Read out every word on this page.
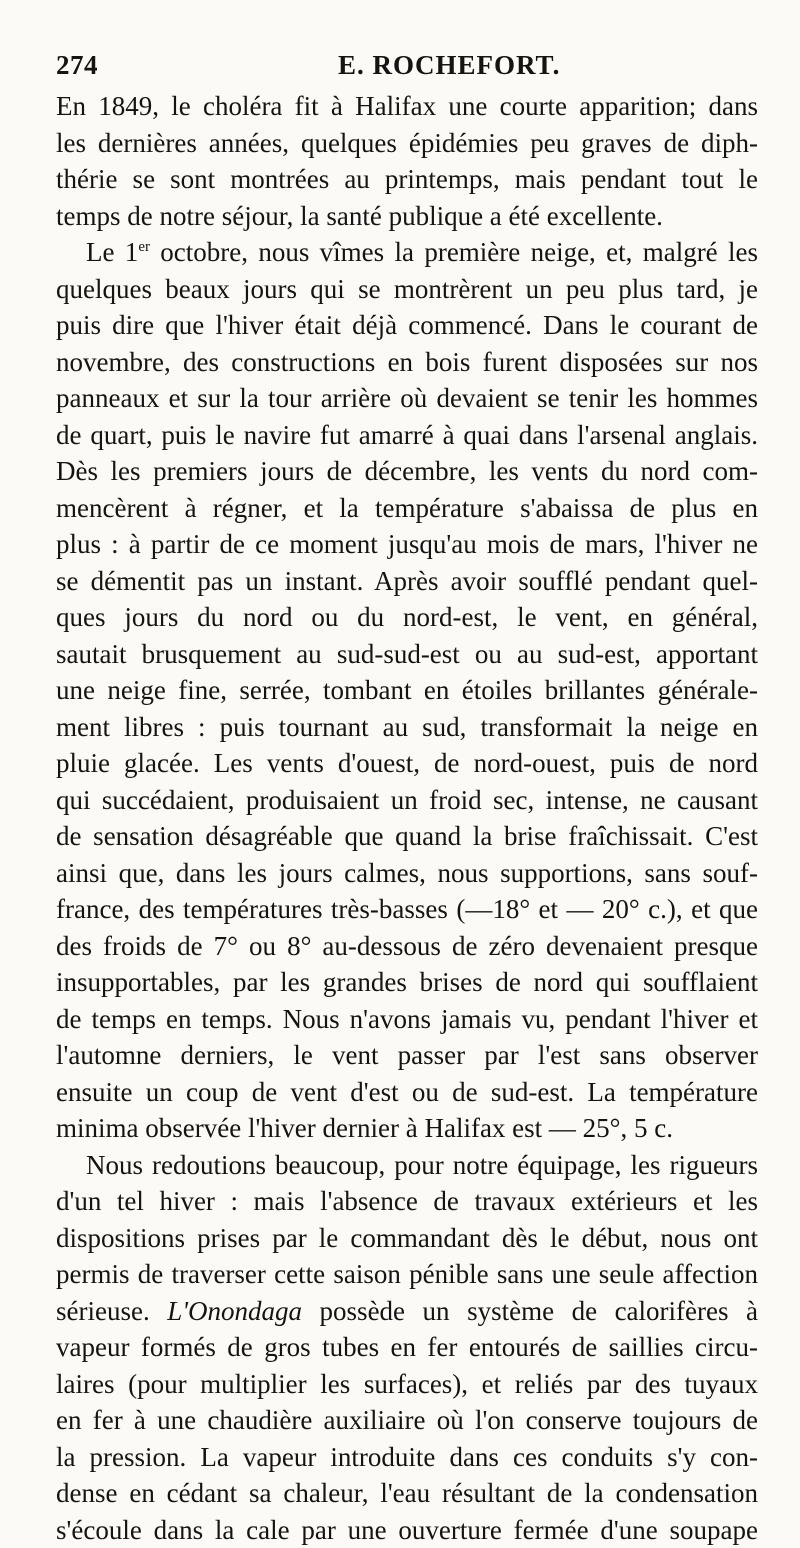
274	E. ROCHEFORT.
En 1849, le choléra fit à Halifax une courte apparition; dans
les dernières années, quelques épidémies peu graves de diph-
thérie se sont montrées au printemps, mais pendant tout le
temps de notre séjour, la santé publique a été excellente.
Le 1er octobre, nous vîmes la première neige, et, malgré les
quelques beaux jours qui se montrèrent un peu plus tard, je
puis dire que l'hiver était déjà commencé. Dans le courant de
novembre, des constructions en bois furent disposées sur nos
panneaux et sur la tour arrière où devaient se tenir les hommes
de quart, puis le navire fut amarré à quai dans l'arsenal anglais.
Dès les premiers jours de décembre, les vents du nord com-
mencèrent à régner, et la température s'abaissa de plus en
plus : à partir de ce moment jusqu'au mois de mars, l'hiver ne
se démentit pas un instant. Après avoir soufflé pendant quel-
ques jours du nord ou du nord-est, le vent, en général,
sautait brusquement au sud-sud-est ou au sud-est, apportant
une neige fine, serrée, tombant en étoiles brillantes générale-
ment libres : puis tournant au sud, transformait la neige en
pluie glacée. Les vents d'ouest, de nord-ouest, puis de nord
qui succédaient, produisaient un froid sec, intense, ne causant
de sensation désagréable que quand la brise fraîchissait. C'est
ainsi que, dans les jours calmes, nous supportions, sans souf-
france, des températures très-basses (—18° et — 20° c.), et que
des froids de 7° ou 8° au-dessous de zéro devenaient presque
insupportables, par les grandes brises de nord qui soufflaient
de temps en temps. Nous n'avons jamais vu, pendant l'hiver et
l'automne derniers, le vent passer par l'est sans observer
ensuite un coup de vent d'est ou de sud-est. La température
minima observée l'hiver dernier à Halifax est — 25°, 5 c.
Nous redoutions beaucoup, pour notre équipage, les rigueurs
d'un tel hiver : mais l'absence de travaux extérieurs et les
dispositions prises par le commandant dès le début, nous ont
permis de traverser cette saison pénible sans une seule affection
sérieuse. L'Onondaga possède un système de calorifères à
vapeur formés de gros tubes en fer entourés de saillies circu-
laires (pour multiplier les surfaces), et reliés par des tuyaux
en fer à une chaudière auxiliaire où l'on conserve toujours de
la pression. La vapeur introduite dans ces conduits s'y con-
dense en cédant sa chaleur, l'eau résultant de la condensation
s'écoule dans la cale par une ouverture fermée d'une soupape
